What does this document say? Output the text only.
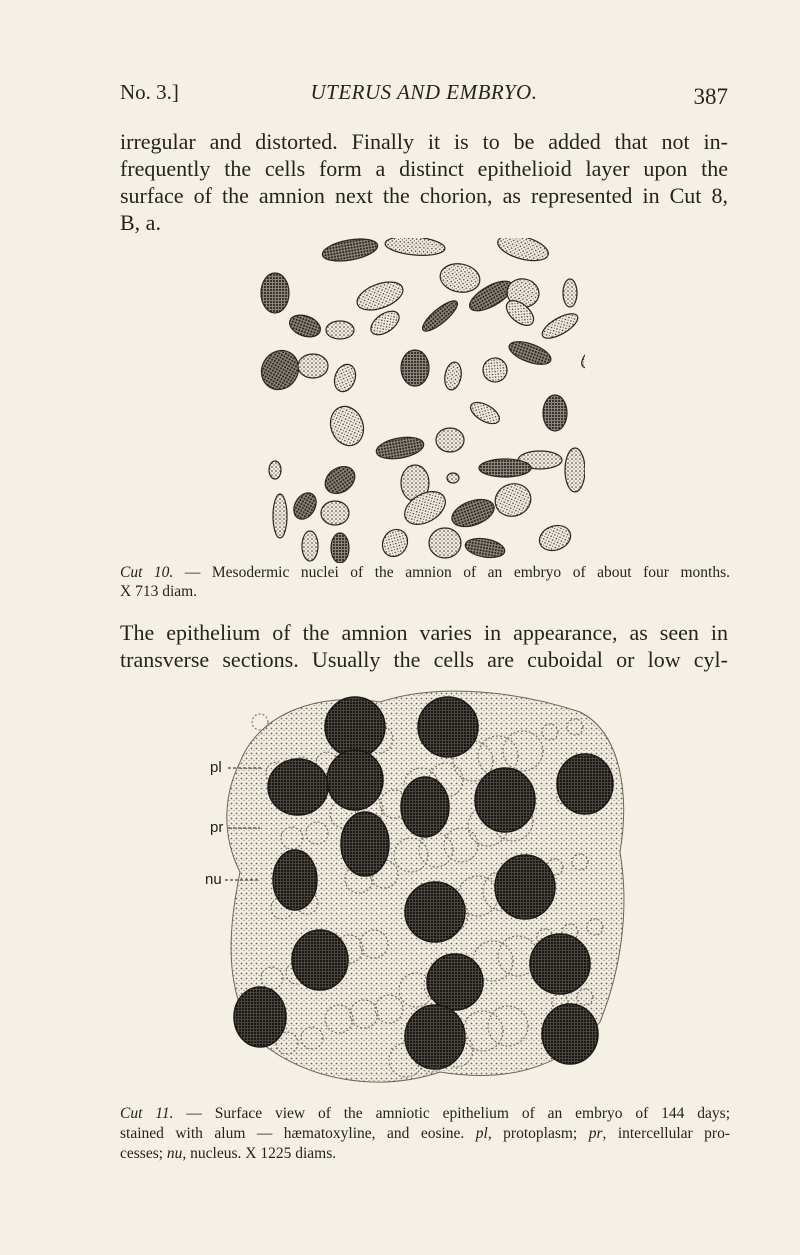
No. 3.]	UTERUS AND EMBRYO.	387
irregular and distorted. Finally it is to be added that not in-
frequently the cells form a distinct epithelioid layer upon the
surface of the amnion next the chorion, as represented in Cut 8,
B, a.
Cut 10. — Mesodermic nuclei of the amnion of an embryo of about four months.
X 713 diam.
The epithelium of the amnion varies in appearance, as seen in
transverse sections. Usually the cells are cuboidal or low cyl-
pl
pr
nu
Cut 11. — Surface view of the amniotic epithelium of an embryo of 144 days;
stained with alum — hæmatoxyline, and eosine. pl, protoplasm; pr, intercellular pro-
cesses; nu, nucleus. X 1225 diams.
